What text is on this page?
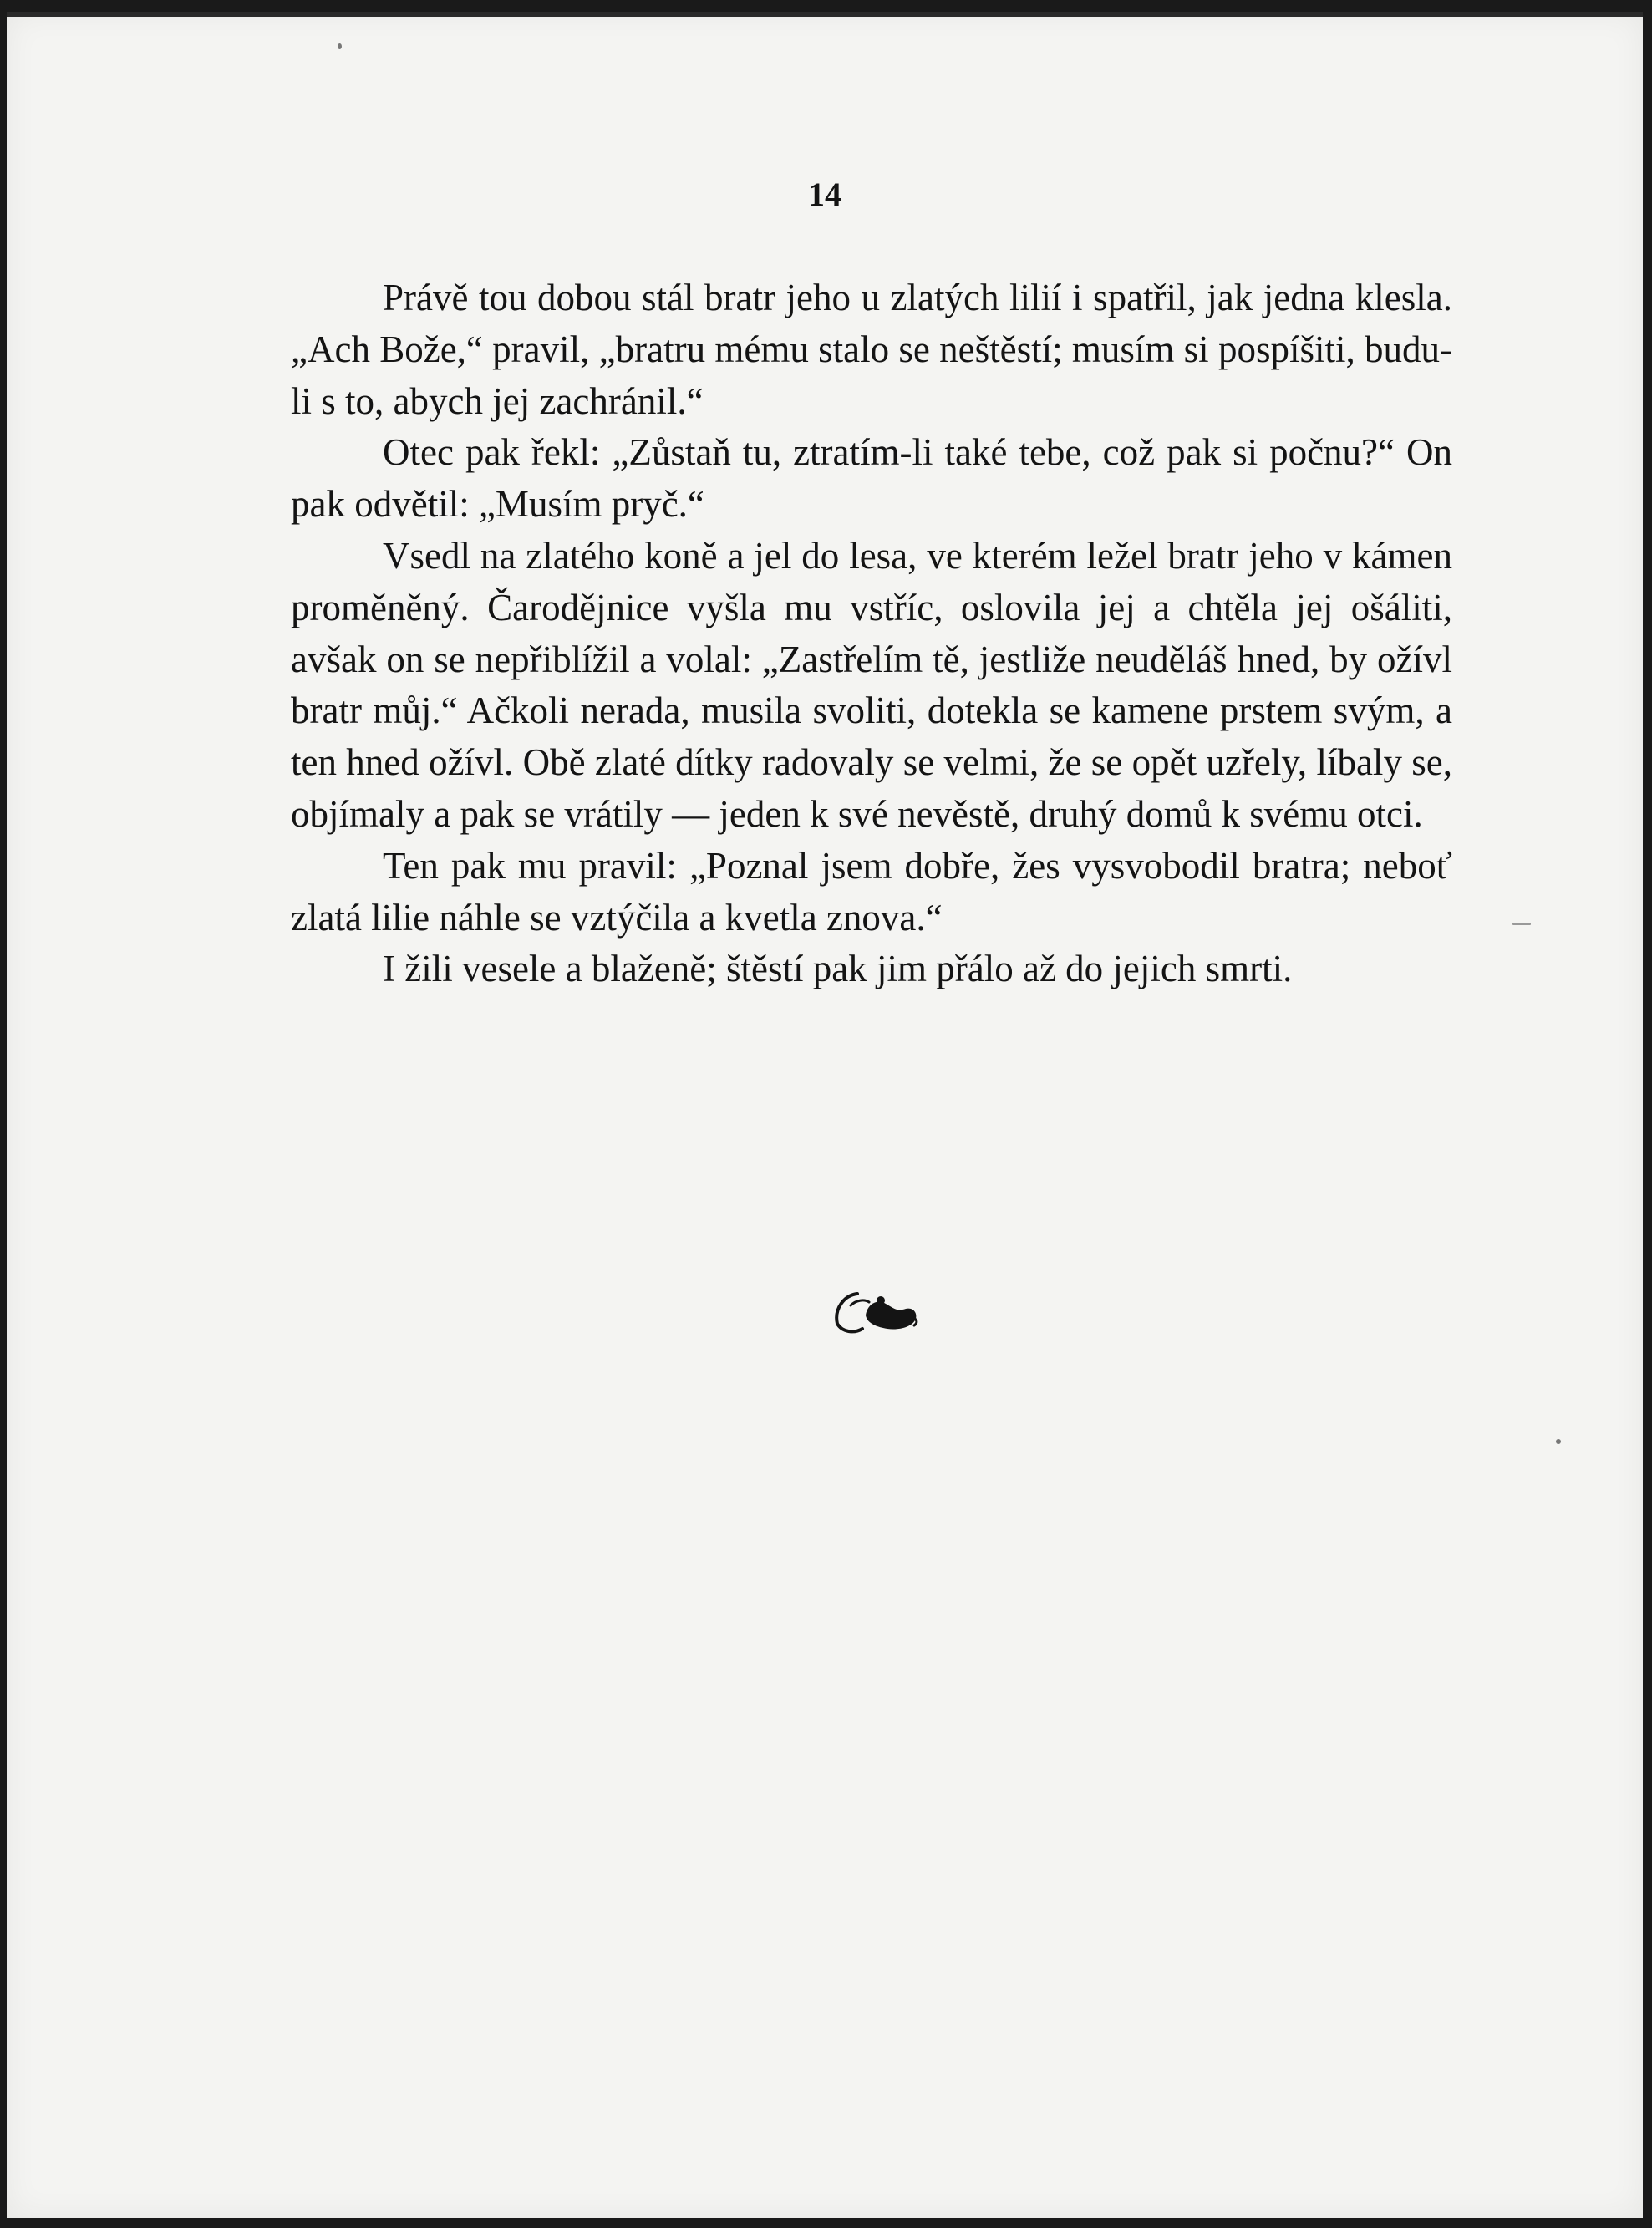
14

Právě tou dobou stál bratr jeho u zlatých lilií i spatřil, jak jedna klesla. „Ach Bože,“ pravil, „bratru mému stalo se neštěstí; musím si pospíšiti, budu-li s to, abych jej zachránil.“

Otec pak řekl: „Zůstaň tu, ztratím-li také tebe, což pak si počnu?“ On pak odvětil: „Musím pryč.“

Vsedl na zlatého koně a jel do lesa, ve kterém ležel bratr jeho v kámen proměněný. Čarodějnice vyšla mu vstříc, oslovila jej a chtěla jej ošáliti, avšak on se nepřiblížil a volal: „Zastřelím tě, jestliže neuděláš hned, by ožívl bratr můj.“ Ačkoli nerada, musila svoliti, dotekla se kamene prstem svým, a ten hned ožívl. Obě zlaté dítky radovaly se velmi, že se opět uzřely, líbaly se, objímaly a pak se vrátily — jeden k své nevěstě, druhý domů k svému otci.

Ten pak mu pravil: „Poznal jsem dobře, žes vysvobodil bratra; neboť zlatá lilie náhle se vztýčila a kvetla znova.“

I žili vesele a blaženě; štěstí pak jim přálo až do jejich smrti.
